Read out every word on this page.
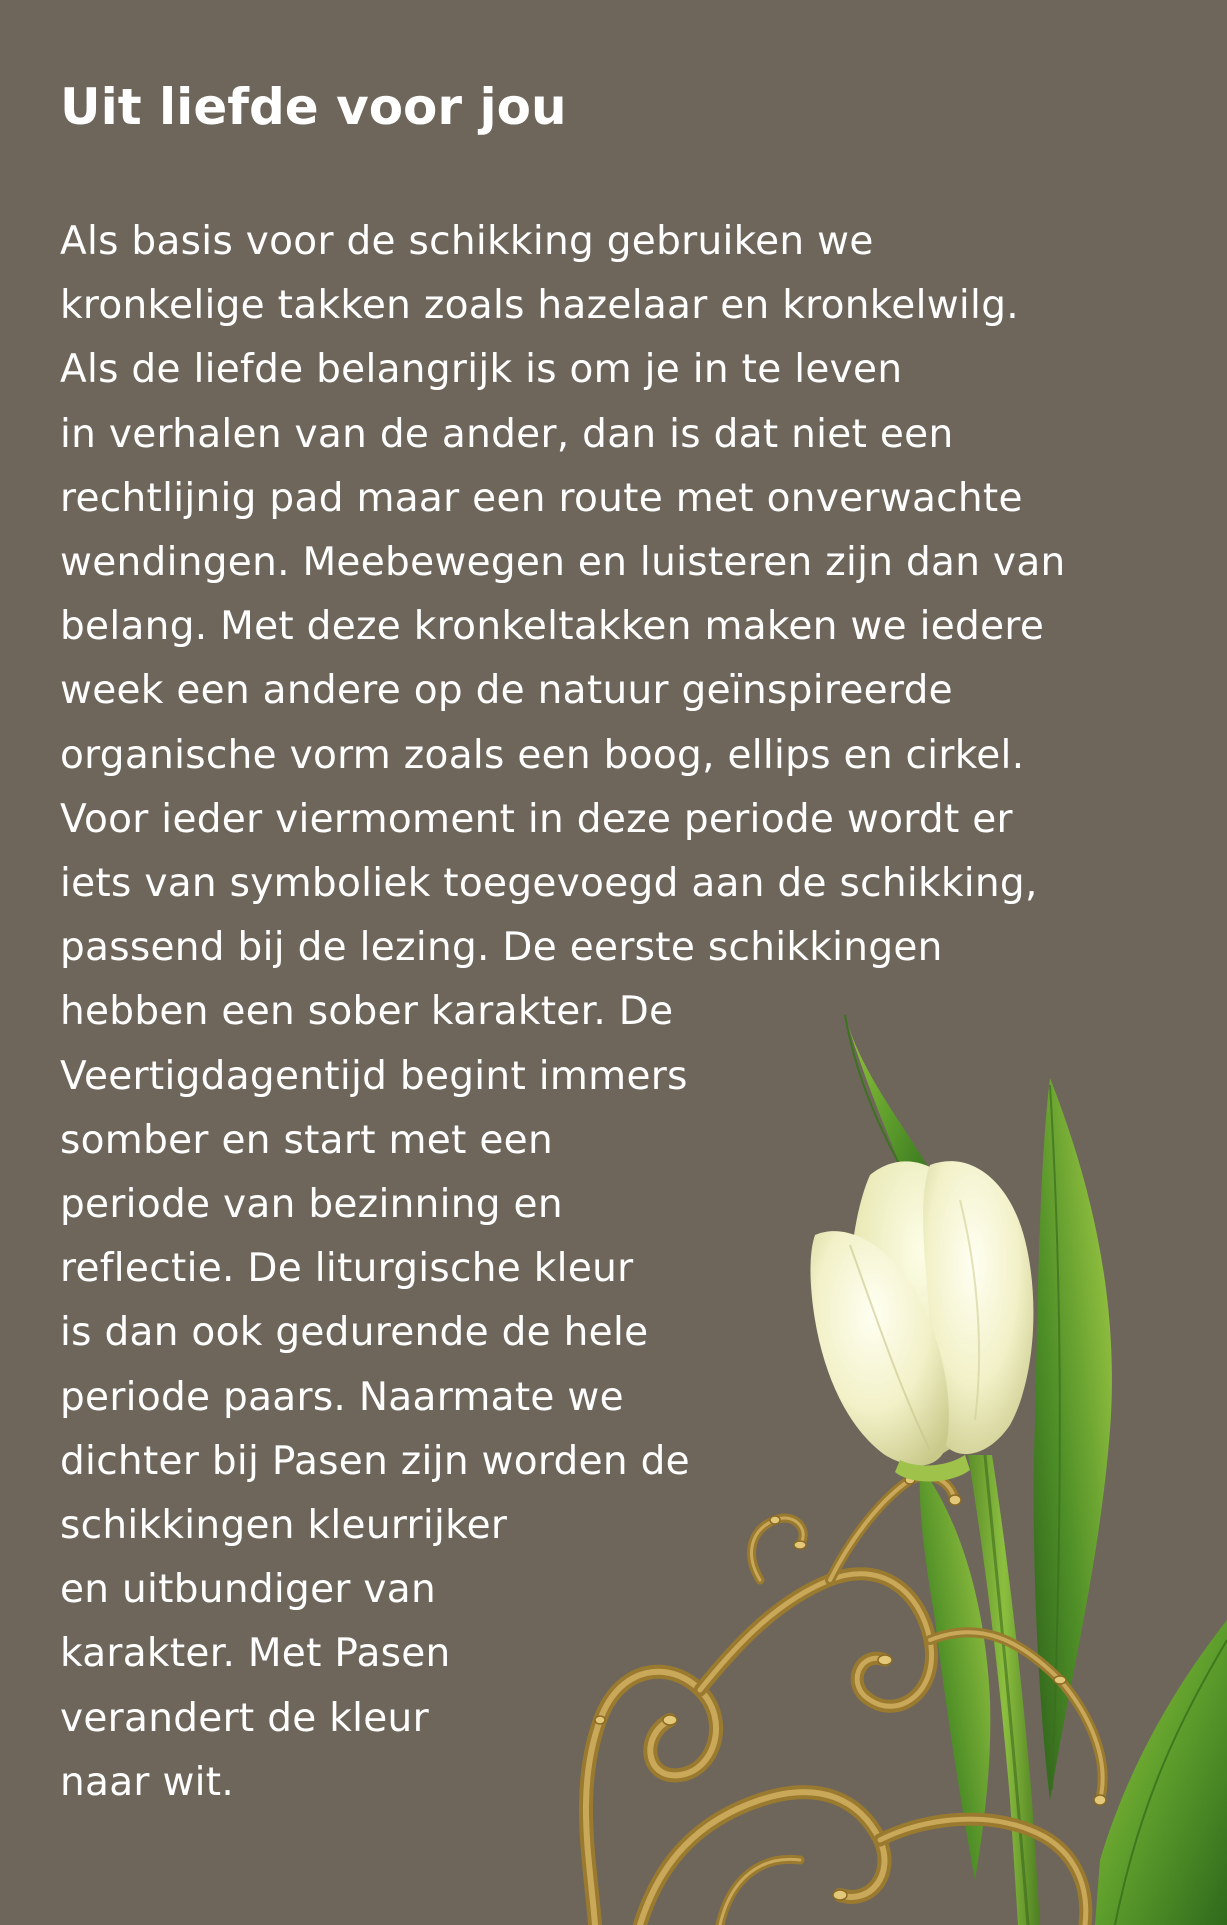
Uit liefde voor jou
Als basis voor de schikking gebruiken we
kronkelige takken zoals hazelaar en kronkelwilg.
Als de liefde belangrijk is om je in te leven
in verhalen van de ander, dan is dat niet een
rechtlijnig pad maar een route met onverwachte
wendingen. Meebewegen en luisteren zijn dan van
belang. Met deze kronkeltakken maken we iedere
week een andere op de natuur geïnspireerde
organische vorm zoals een boog, ellips en cirkel.
Voor ieder viermoment in deze periode wordt er
iets van symboliek toegevoegd aan de schikking,
passend bij de lezing. De eerste schikkingen
hebben een sober karakter. De
Veertigdagentijd begint immers
somber en start met een
periode van bezinning en
reflectie. De liturgische kleur
is dan ook gedurende de hele
periode paars. Naarmate we
dichter bij Pasen zijn worden de
schikkingen kleurrijker
en uitbundiger van
karakter. Met Pasen
verandert de kleur
naar wit.
